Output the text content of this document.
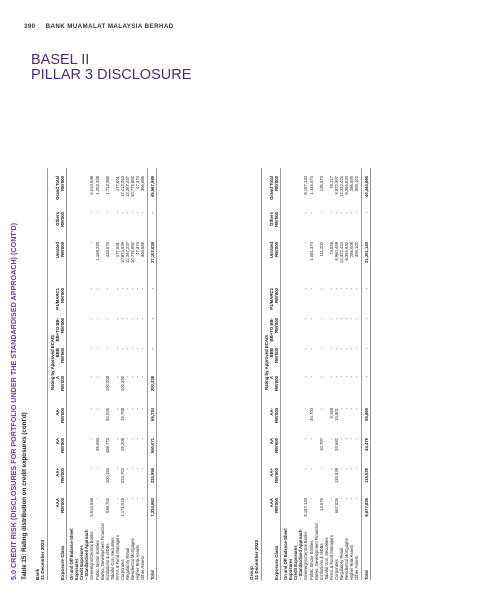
390 BANK MUAMALAT MALAYSIA BERHAD
BASEL II
PILLAR 3 DISCLOSURE
5.0 CREDIT RISK (DISCLOSURES FOR PORTFOLIO UNDER THE STANDARDISED APPROACH) (CONT'D) Table 15: Rating distribution on credit exposures (cont'd) Bank 31 December 2024
Rating by Approved ECAIS
Exposure Class
AAA RM'000
AA+ RM'000
AA RM'000
AA- RM'000
A RM'000
BBB RM'000
BB+TO BB- RM'000
P1/MARC1 RM'000
Unrated RM'000
Others RM'000
Grand Total RM'000
On and Off Balance-Sheet Exposures Credit Exposures – Standardised Approach Sovereigns/Central Banks
5,613,639
-
-
-
-
-
-
-
-
-
5,613,639
Public Sector Entities
-
-
35,093
-
-
-
-
-
1,168,235
-
1,203,328
Banks, Development Financial Institutions & MDBs
539,704
100,194
489,773
50,026
100,008
-
-
-
433,675
-
1,713,380
Takaful Cos, Securities Firms & Fund Managers
-
-
-
-
-
-
-
-
177,691
-
177,691
Corporates
1,171,519
224,762
25,205
15,708
100,330
-
-
-
10,874,539
-
12,412,063
Regulatory Retail
-
-
-
-
-
-
-
-
12,267,237
-
12,267,237
Residential Mortgages
-
-
-
-
-
-
-
-
10,776,892
-
10,776,892
Higher Risk Assets
-
-
-
-
-
-
-
-
47,374
-
47,374
Other Assets
-
-
-
-
-
-
-
-
366,685
-
366,685
Total
7,324,862
324,956
550,071
65,734
200,338
-
-
-
37,102,028
-
45,567,989
Group 31 December 2023
Rating by Approved ECAIS
Exposure Class
AAA RM'000
AA+ RM'000
AA RM'000
AA- RM'000
A RM'000
BBB RM'000
BB+TO BB- RM'000
P1/MARC1 RM'000
Unrated RM'000
Others RM'000
Grand Total RM'000
On and Off Balance-Sheet Exposures Credit Exposures – Standardised Approach Sovereigns/Central Banks
8,197,133
-
-
-
-
-
-
-
-
-
8,197,133
Public Sector Entities
-
-
-
34,700
-
-
-
-
1,081,374
-
1,116,074
Banks, Development Financial Institutions & MDBs
13,676
-
10,797
-
-
-
-
-
111,200
-
135,673
Takaful Cos, Securities Firms & Fund Managers
-
-
-
5,168
-
-
-
-
73,049
-
78,217
Corporates
667,026
115,539
33,682
15,801
-
-
-
-
8,960,459
-
9,872,507
Regulatory Retail
-
-
-
-
-
-
-
-
12,322,424
-
12,322,424
Residential Mortgages
-
-
-
-
-
-
-
-
8,356,520
-
8,356,520
Higher Risk Assets
-
-
-
-
-
-
-
-
286,005
-
286,005
Other Assets
-
-
-
-
-
-
-
-
359,102
-
359,102
Total
8,877,835
115,539
44,479
55,669
-
-
-
-
31,351,143
-
40,444,666
